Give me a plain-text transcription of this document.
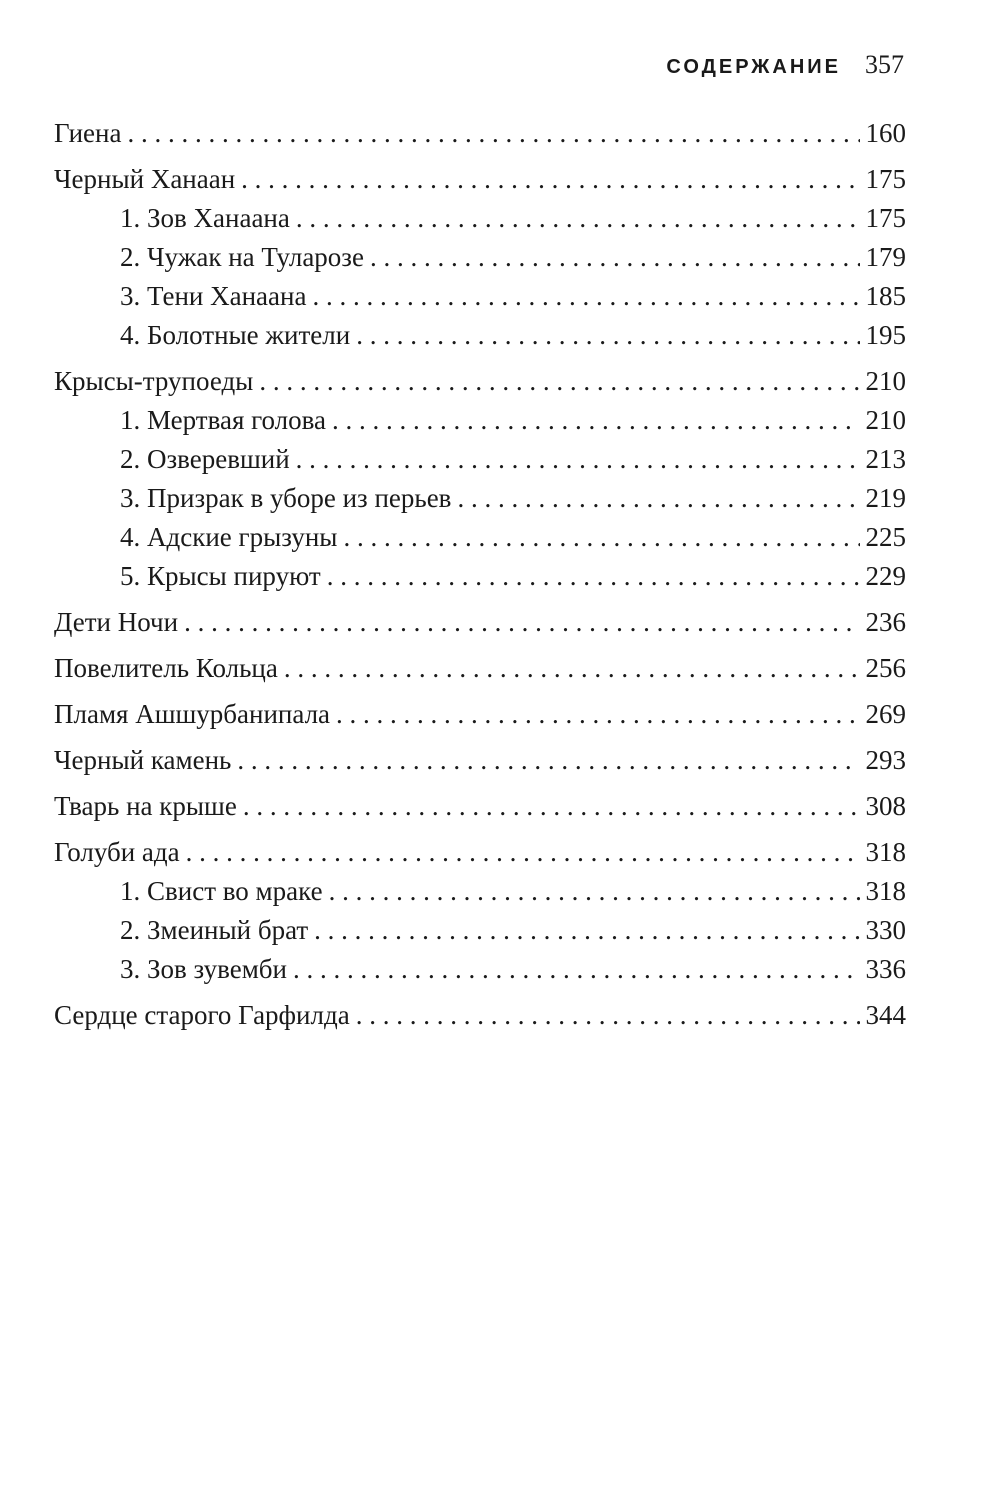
СОДЕРЖАНИЕ 357
Гиена . . .	160
Черный Ханаан . . .	175
1. Зов Ханаана . . .	175
2. Чужак на Туларозе . . .	179
3. Тени Ханаана . . .	185
4. Болотные жители . . .	195
Крысы-трупоеды . . .	210
1. Мертвая голова . . .	210
2. Озверевший . . .	213
3. Призрак в уборе из перьев . . .	219
4. Адские грызуны . . .	225
5. Крысы пируют . . .	229
Дети Ночи . . .	236
Повелитель Кольца . . .	256
Пламя Ашшурбанипала . . .	269
Черный камень . . .	293
Тварь на крыше . . .	308
Голуби ада . . .	318
1. Свист во мраке . . .	318
2. Змеиный брат . . .	330
3. Зов зувемби . . .	336
Сердце старого Гарфилда . . .	344
